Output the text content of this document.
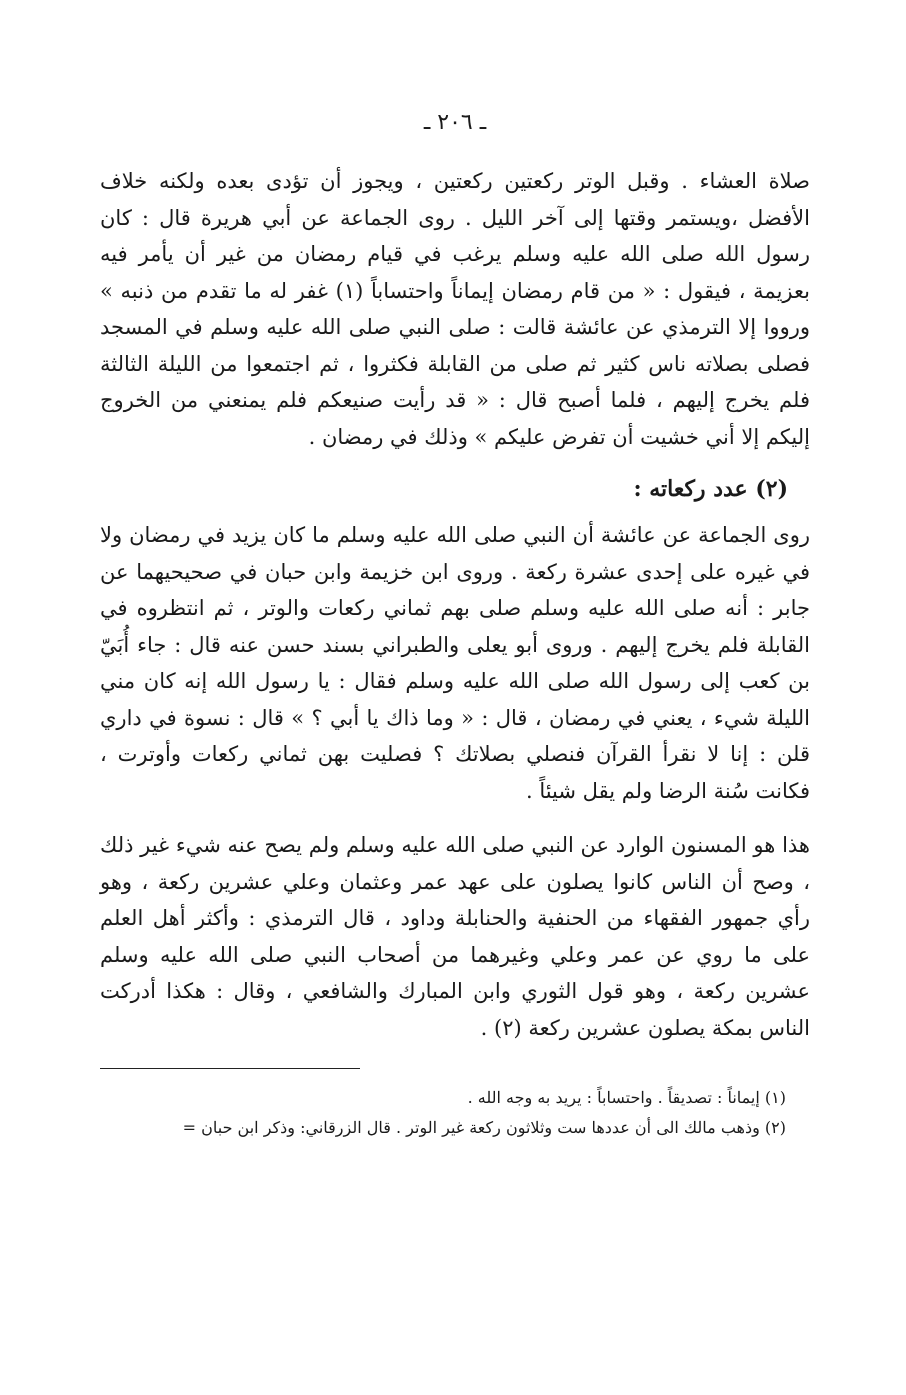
ـ ٢٠٦ ـ

صلاة العشاء . وقبل الوتر ركعتين ركعتين ، ويجوز أن تؤدى بعده ولكنه خلاف الأفضل ،ويستمر وقتها إلى آخر الليل . روى الجماعة عن أبي هريرة قال : كان رسول الله صلى الله عليه وسلم يرغب في قيام رمضان من غير أن يأمر فيه بعزيمة ، فيقول : « من قام رمضان إيماناً واحتساباً (١) غفر له ما تقدم من ذنبه » ورووا إلا الترمذي عن عائشة قالت : صلى النبي صلى الله عليه وسلم في المسجد فصلى بصلاته ناس كثير ثم صلى من القابلة فكثروا ، ثم اجتمعوا من الليلة الثالثة فلم يخرج إليهم ، فلما أصبح قال : « قد رأيت صنيعكم فلم يمنعني من الخروج إليكم إلا أني خشيت أن تفرض عليكم » وذلك في رمضان .

(٢) عدد ركعاته :

روى الجماعة عن عائشة أن النبي صلى الله عليه وسلم ما كان يزيد في رمضان ولا في غيره على إحدى عشرة ركعة . وروى ابن خزيمة وابن حبان في صحيحيهما عن جابر : أنه صلى الله عليه وسلم صلى بهم ثماني ركعات والوتر ، ثم انتظروه في القابلة فلم يخرج إليهم . وروى أبو يعلى والطبراني بسند حسن عنه قال : جاء أُبَيّ بن كعب إلى رسول الله صلى الله عليه وسلم فقال : يا رسول الله إنه كان مني الليلة شيء ، يعني في رمضان ، قال : « وما ذاك يا أبي ؟ » قال : نسوة في داري قلن : إنا لا نقرأ القرآن فنصلي بصلاتك ؟ فصليت بهن ثماني ركعات وأوترت ، فكانت سُنة الرضا ولم يقل شيئاً .

هذا هو المسنون الوارد عن النبي صلى الله عليه وسلم ولم يصح عنه شيء غير ذلك ، وصح أن الناس كانوا يصلون على عهد عمر وعثمان وعلي عشرين ركعة ، وهو رأي جمهور الفقهاء من الحنفية والحنابلة وداود ، قال الترمذي : وأكثر أهل العلم على ما روي عن عمر وعلي وغيرهما من أصحاب النبي صلى الله عليه وسلم عشرين ركعة ، وهو قول الثوري وابن المبارك والشافعي ، وقال : هكذا أدركت الناس بمكة يصلون عشرين ركعة (٢) .

(١) إيماناً : تصديقاً . واحتساباً : يريد به وجه الله .

(٢) وذهب مالك الى أن عددها ست وثلاثون ركعة غير الوتر . قال الزرقاني: وذكر ابن حبان =
